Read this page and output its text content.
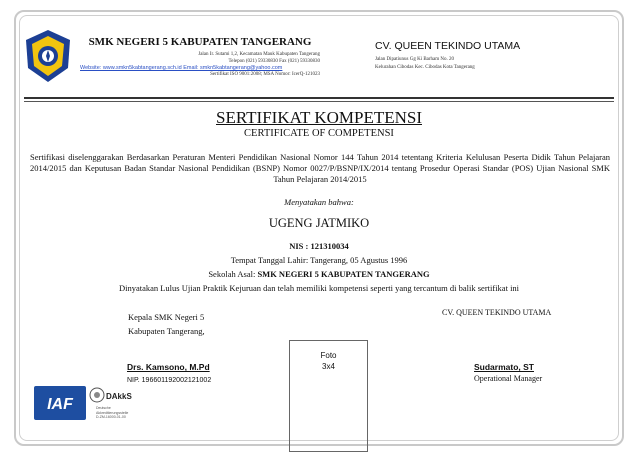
SMK NEGERI 5 KABUPATEN TANGERANG
Jalan Ir. Sutami 1,2, Kecamatan Mauk Kabupaten Tangerang
Telepon (021) 59330830 Fax (021) 59330830
Website: www.smkn5kabtangerang.sch.id Email: smkn5kabtangerang@yahoo.com
Sertifikat ISO 9001:2008; MSA Nomor: IcerQ-121023
CV. QUEEN TEKINDO UTAMA
Jalan Dipatiunus Gg Ki Barham No. 20
Kelurahan Cibodas Kec. Cibodas Kota Tangerang
SERTIFIKAT KOMPETENSI
CERTIFICATE OF COMPETENSI
Sertifikasi diselenggarakan Berdasarkan Peraturan Menteri Pendidikan Nasional Nomor 144 Tahun 2014 tetentang Kriteria Kelulusan Peserta Didik Tahun Pelajaran 2014/2015 dan Keputusan Badan Standar Nasional Pendidikan (BSNP) Nomor 0027/P/BSNP/IX/2014 tentang Prosedur Operasi Standar (POS) Ujian Nasional SMK Tahun Pelajaran 2014/2015
Menyatakan bahwa:
UGENG JATMIKO
NIS : 121310034
Tempat Tanggal Lahir: Tangerang, 05 Agustus 1996
Sekolah Asal: SMK NEGERI 5 KABUPATEN TANGERANG
Dinyatakan Lulus Ujian Praktik Kejuruan dan telah memiliki kompetensi seperti yang tercantum di balik sertifikat ini
Kepala SMK Negeri 5
Kabupaten Tangerang,
Drs. Kamsono, M.Pd
NIP. 196601192002121002
Foto
3x4
CV. QUEEN TEKINDO UTAMA
Sudarmato, ST
Operational Manager
IAF	DAkkS
Deutsche
Akkreditierungsstelle
D-ZM-16000-01-00
